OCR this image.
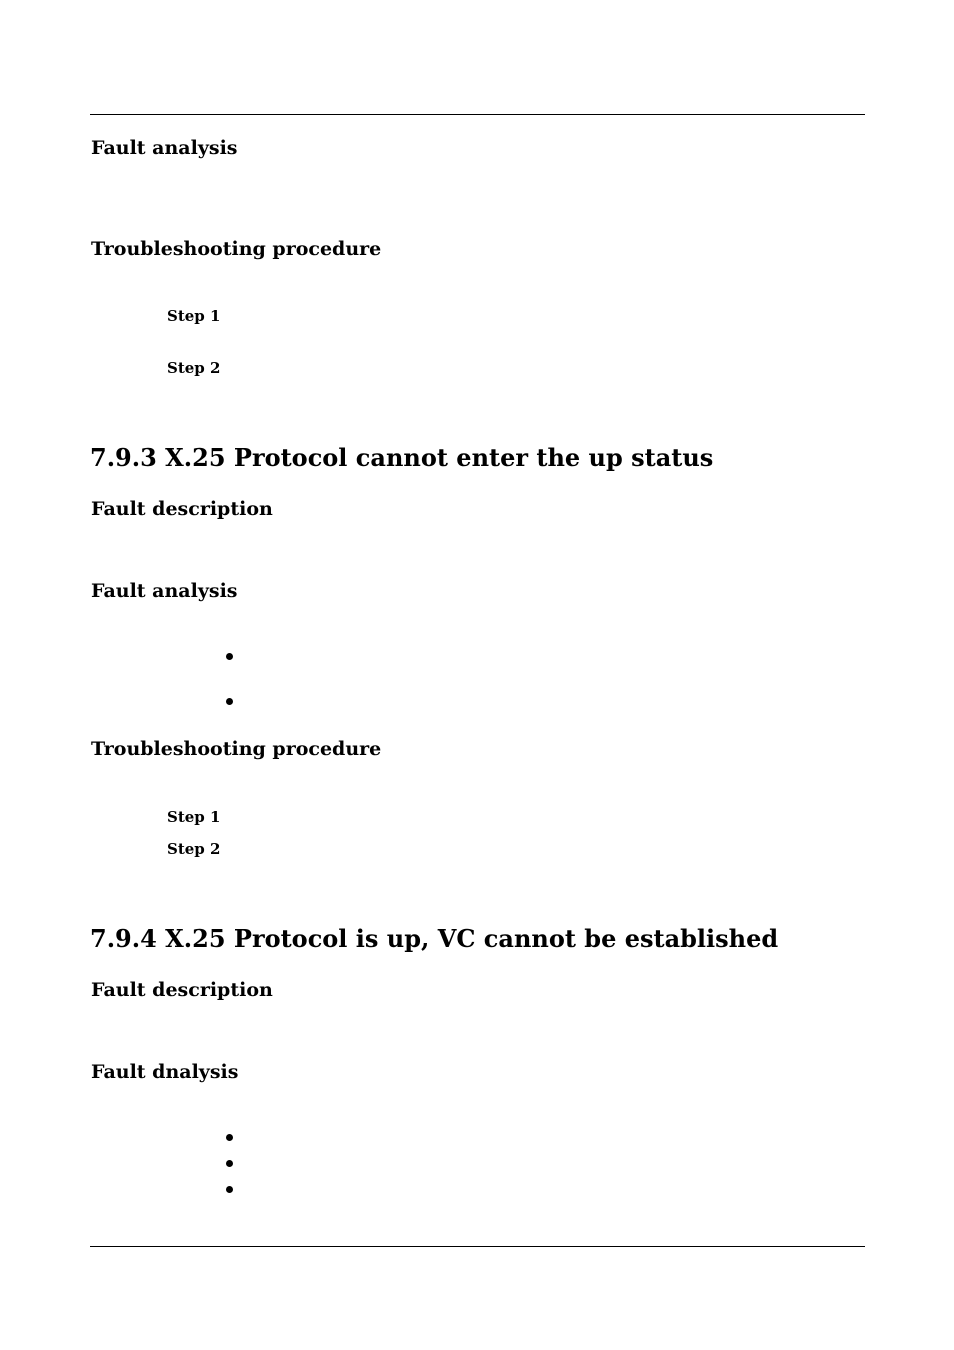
Fault analysis
Troubleshooting procedure
Step 1
Step 2
7.9.3 X.25 Protocol cannot enter the up status
Fault description
Fault analysis
Troubleshooting procedure
Step 1
Step 2
7.9.4 X.25 Protocol is up, VC cannot be established
Fault description
Fault dnalysis
